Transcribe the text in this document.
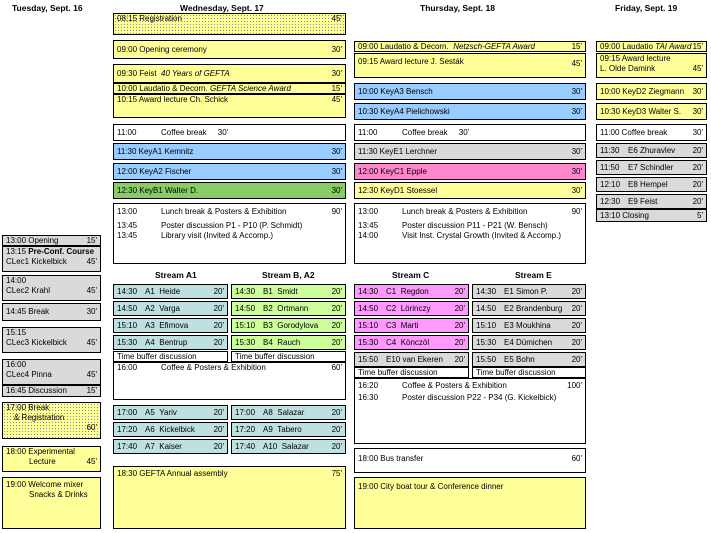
Tuesday, Sept. 16	Wednesday, Sept. 17	Thursday, Sept. 18	Friday, Sept. 19
13:00 Opening	15'
13:15 Pre-Conf. Course
CLec1 Kickelbick	45'
14:00
CLec2 Krahl	45'
14:45 Break	30'
15:15
CLec3 Kickelbick	45'
16:00
CLec4 Pinna	45'
16:45 Discussion 15'
17:00 Break
& Registration
60'
18:00 Experimental
Lecture	45'
19:00 Welcome mixer
Snacks & Drinks
08:15 Registration	45'
09:00 Opening ceremony	30'
09:30 Feist 40 Years of GEFTA	30'
10:00 Laudatio & Decorn. GEFTA Science Award	15'
10:15 Award lecture Ch. Schick	45'
11:00	Coffee break 30'
11:30 KeyA1 Kemnitz	30'
12:00 KeyA2 Fischer	30'
12:30 KeyB1 Walter D.	30'
13:00	Lunch break & Posters & Exhibition	90'
13:45	Poster discussion P1 - P10 (P. Schmidt)
13:45	Library visit (Invited & Accomp.)
Stream A1	Stream B, A2
14:30 A1 Heide	20'
14:50 A2 Varga	20'
15:10 A3 Efimova	20'
15:30 A4 Bentrup	20'
Time buffer discussion
14:30 B1 Smidt	20'
14:50 B2 Ortmann	20'
15:10 B3 Gorodylova 20'
15:30 B4 Rauch	20'
Time buffer discussion
16:00	Coffee & Posters & Exhibition	60'
17:00 A5 Yariv	20'
17:20 A6 Kickelbick 20'
17:40 A7 Kaiser	20'
17:00 A8 Salazar	20'
17:20 A9 Tabero	20'
17:40 A10 Salazar	20'
18:30 GEFTA Annual assembly	75'
09:00 Laudatio & Decorn. Netzsch-GEFTA Award	15'
09:15 Award lecture J. Sesták	45'
10:00 KeyA3 Bensch	30'
10:30 KeyA4 Pielichowski	30'
11:00	Coffee break 30'
11:30 KeyE1 Lerchner	30'
12:00 KeyC1 Epple	30'
12:30 KeyD1 Stoessel	30'
13:00	Lunch break & Posters & Exhibition	90'
13:45	Poster discussion P11 - P21 (W. Bensch)
14:00	Visit Inst. Crystal Growth (Invited & Accomp.)
Stream C	Stream E
14:30 C1 Regdon	20'
14:50 C2 Lörinczy	20'
15:10 C3 Marti	20'
15:30 C4 Könczöl	20'
15:50 E10 van Ekeren 20'
Time buffer discussion
14:30 E1 Simon P.	20'
14:50 E2 Brandenburg 20'
15:10 E3 Moukhina	20'
15:30 E4 Dümichen 20'
15:50 E5 Bohn	20'
Time buffer discussion
16:20	Coffee & Posters & Exhibition	100'
16:30	Poster discussion P22 - P34 (G. Kickelbick)
18:00 Bus transfer	60'
19:00 City boat tour & Conference dinner
09:00 Laudatio TAI Award 15'
09:15 Award lecture
L. Olde Damink	45'
10:00 KeyD2 Ziegmann 30'
10:30 KeyD3 Walter S. 30'
11:00 Coffee break	30'
11:30 E6 Zhuravlev 20'
11:50 E7 Schindler 20'
12:10 E8 Hempel	20'
12:30 E9 Feist	20'
13:10 Closing	5'
